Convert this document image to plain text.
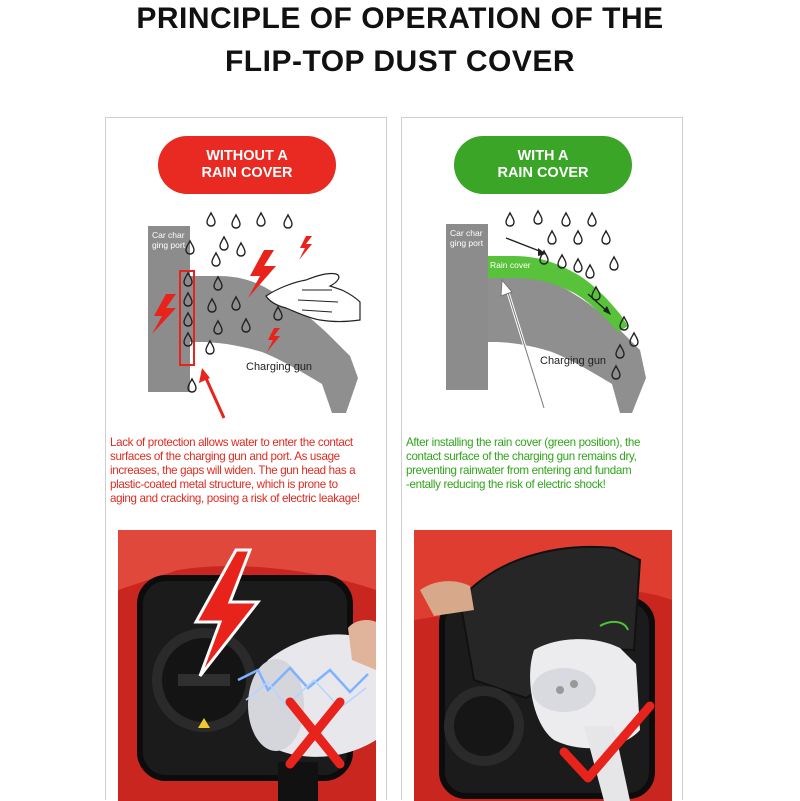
PRINCIPLE OF OPERATION OF THE
FLIP-TOP DUST COVER
WITHOUT A
RAIN COVER
Car char
ging port
Charging gun
Lack of protection allows water to enter the contact
surfaces of the charging gun and port. As usage
increases, the gaps will widen. The gun head has a
plastic-coated metal structure, which is prone to
aging and cracking, posing a risk of electric leakage!
WITH A
RAIN COVER
Car char
ging port
Rain cover
Charging gun
After installing the rain cover (green position), the
contact surface of the charging gun remains dry,
preventing rainwater from entering and fundam
-entally reducing the risk of electric shock!
